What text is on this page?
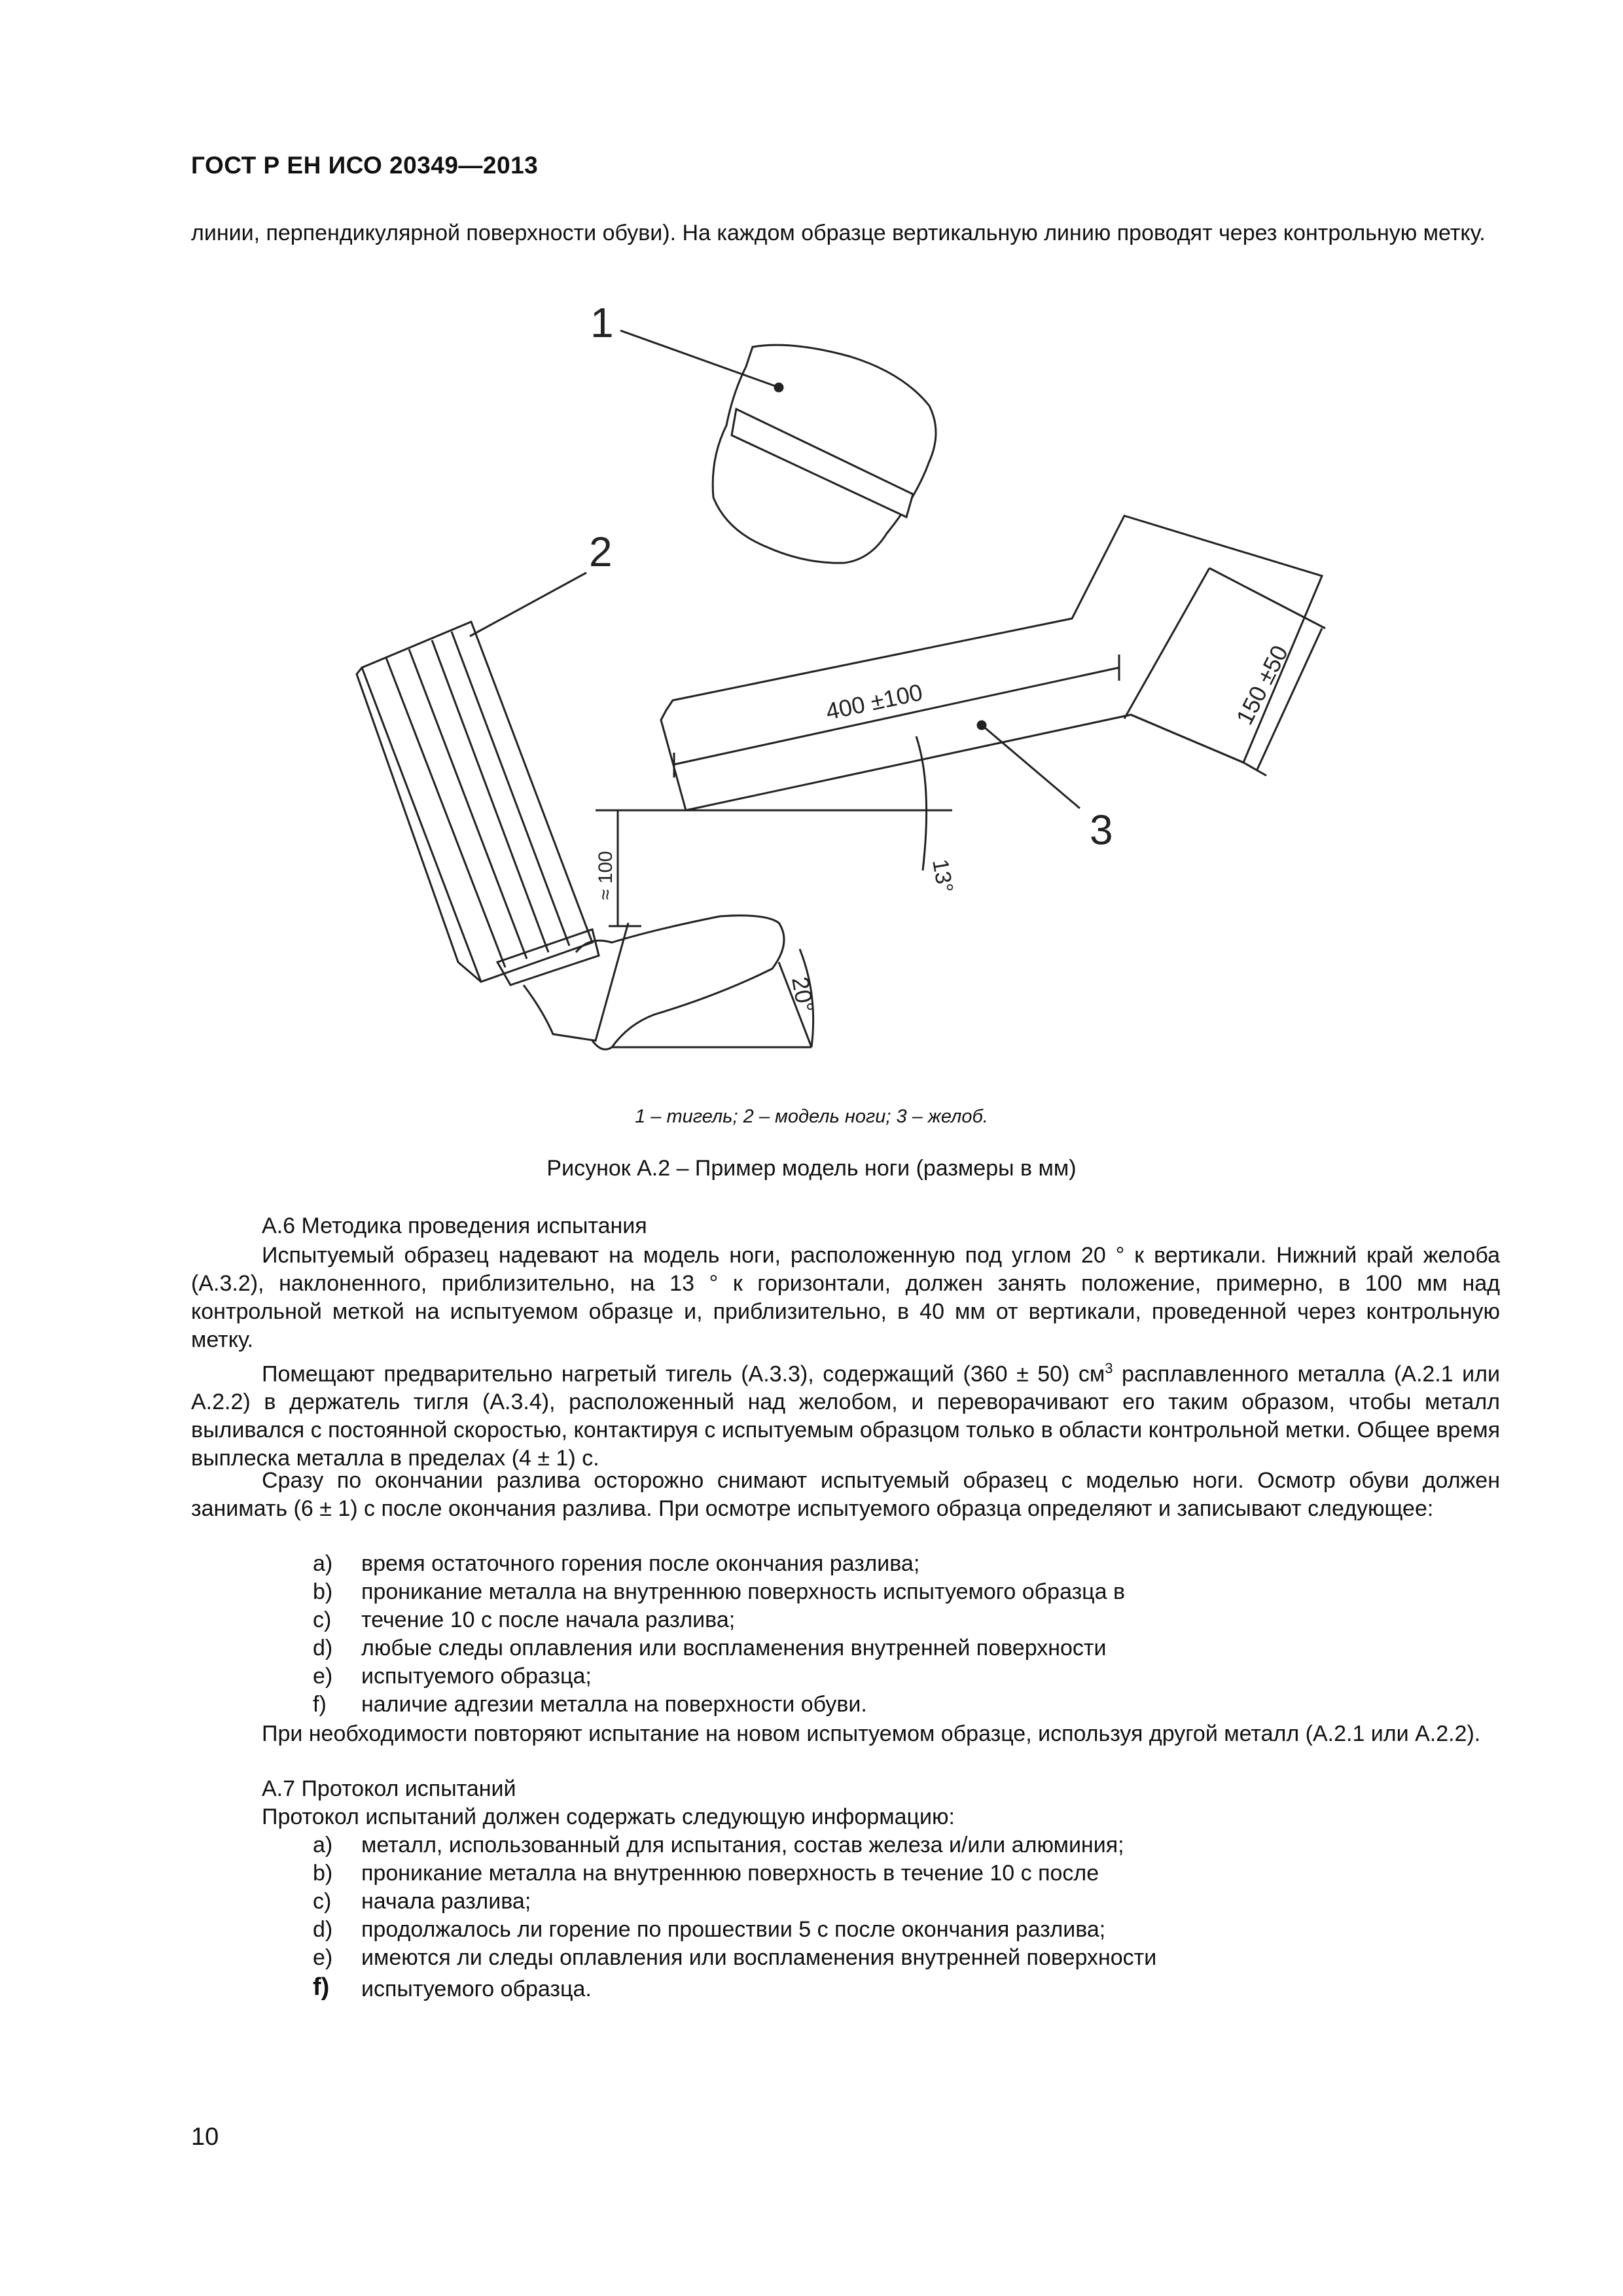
ГОСТ Р ЕН ИСО 20349—2013
линии, перпендикулярной поверхности обуви). На каждом образце вертикальную линию проводят через контрольную метку.
1
2
3
400 ±100	150 ±50
≈ 100	13°
20°
1 – тигель; 2 – модель ноги; 3 – желоб.
Рисунок А.2 – Пример модель ноги (размеры в мм)
А.6 Методика проведения испытания
Испытуемый образец надевают на модель ноги, расположенную под углом 20 ° к вертикали. Нижний край желоба (А.3.2), наклоненного, приблизительно, на 13 ° к горизонтали, должен занять положение, примерно, в 100 мм над контрольной меткой на испытуемом образце и, приблизительно, в 40 мм от вертикали, проведенной через контрольную метку.
Помещают предварительно нагретый тигель (А.3.3), содержащий (360 ± 50) $см^3$ расплавленного металла (А.2.1 или А.2.2) в держатель тигля (А.3.4), расположенный над желобом, и переворачивают его таким образом, чтобы металл выливался с постоянной скоростью, контактируя с испытуемым образцом только в области контрольной метки. Общее время выплеска металла в пределах (4 ± 1) с.
Сразу по окончании разлива осторожно снимают испытуемый образец с моделью ноги. Осмотр обуви должен занимать (6 ± 1) с после окончания разлива. При осмотре испытуемого образца определяют и записывают следующее:
a) время остаточного горения после окончания разлива;
b) проникание металла на внутреннюю поверхность испытуемого образца в
c) течение 10 с после начала разлива;
d) любые следы оплавления или воспламенения внутренней поверхности
e) испытуемого образца;
f) наличие адгезии металла на поверхности обуви.
При необходимости повторяют испытание на новом испытуемом образце, используя другой металл (А.2.1 или А.2.2).
А.7 Протокол испытаний
Протокол испытаний должен содержать следующую информацию:
a) металл, использованный для испытания, состав железа и/или алюминия;
b) проникание металла на внутреннюю поверхность в течение 10 с после
c) начала разлива;
d) продолжалось ли горение по прошествии 5 с после окончания разлива;
e) имеются ли следы оплавления или воспламенения внутренней поверхности
f) испытуемого образца.
10
